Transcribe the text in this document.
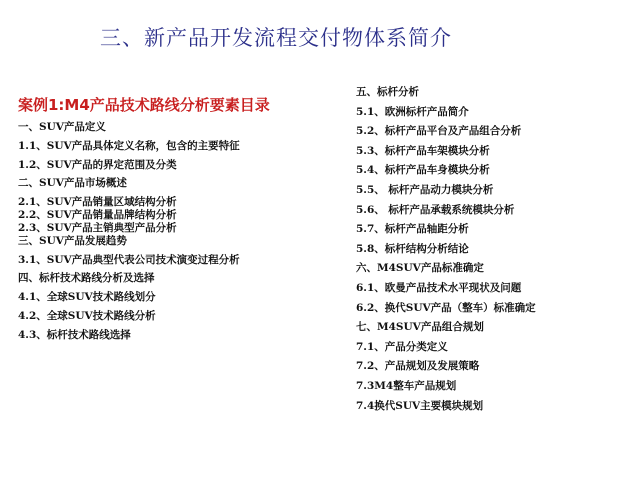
三、新产品开发流程交付物体系简介
案例1:M4产品技术路线分析要素目录
一、SUV产品定义
1.1、SUV产品具体定义名称，包含的主要特征
1.2、SUV产品的界定范围及分类
二、SUV产品市场概述
2.1、SUV产品销量区域结构分析
2.2、SUV产品销量品牌结构分析
2.3、SUV产品主销典型产品分析
三、SUV产品发展趋势
3.1、SUV产品典型代表公司技术演变过程分析
四、标杆技术路线分析及选择
4.1、全球SUV技术路线划分
4.2、全球SUV技术路线分析
4.3、标杆技术路线选择
五、标杆分析
5.1、欧洲标杆产品简介
5.2、标杆产品平台及产品组合分析
5.3、标杆产品车架模块分析
5.4、标杆产品车身模块分析
5.5、 标杆产品动力模块分析
5.6、 标杆产品承载系统模块分析
5.7、标杆产品轴距分析
5.8、标杆结构分析结论
六、M4SUV产品标准确定
6.1、欧曼产品技术水平现状及问题
6.2、换代SUV产品（整车）标准确定
七、M4SUV产品组合规划
7.1、产品分类定义
7.2、产品规划及发展策略
7.3M4整车产品规划
7.4换代SUV主要模块规划
